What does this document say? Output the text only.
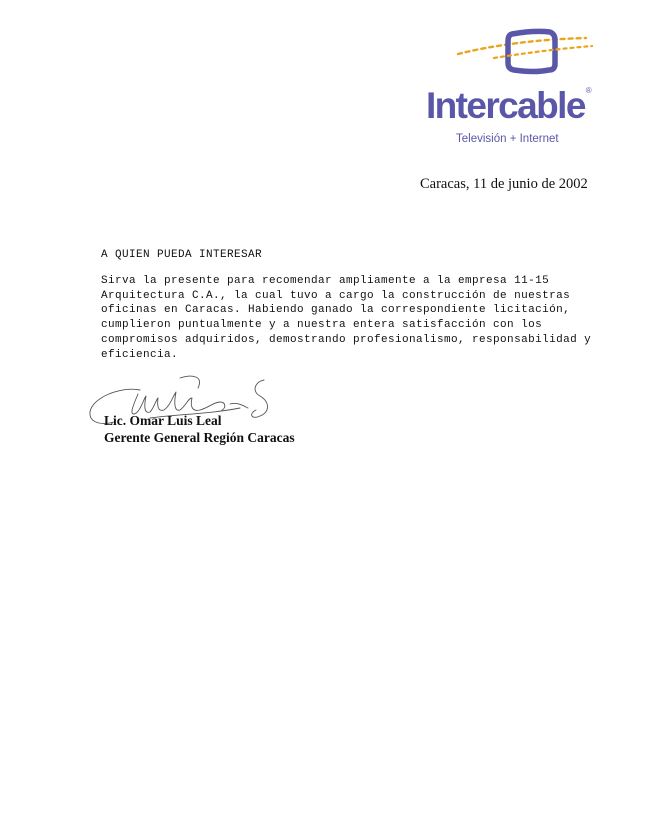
Intercable®
Televisión + Internet
Caracas, 11 de junio de 2002
A QUIEN PUEDA INTERESAR

Sirva la presente para recomendar ampliamente a la empresa 11-15
Arquitectura C.A., la cual tuvo a cargo la construcción de nuestras
oficinas en Caracas. Habiendo ganado la correspondiente licitación,
cumplieron puntualmente y a nuestra entera satisfacción con los
compromisos adquiridos, demostrando profesionalismo, responsabilidad y
eficiencia.

Lic. Omar Luis Leal
Gerente General Región Caracas
